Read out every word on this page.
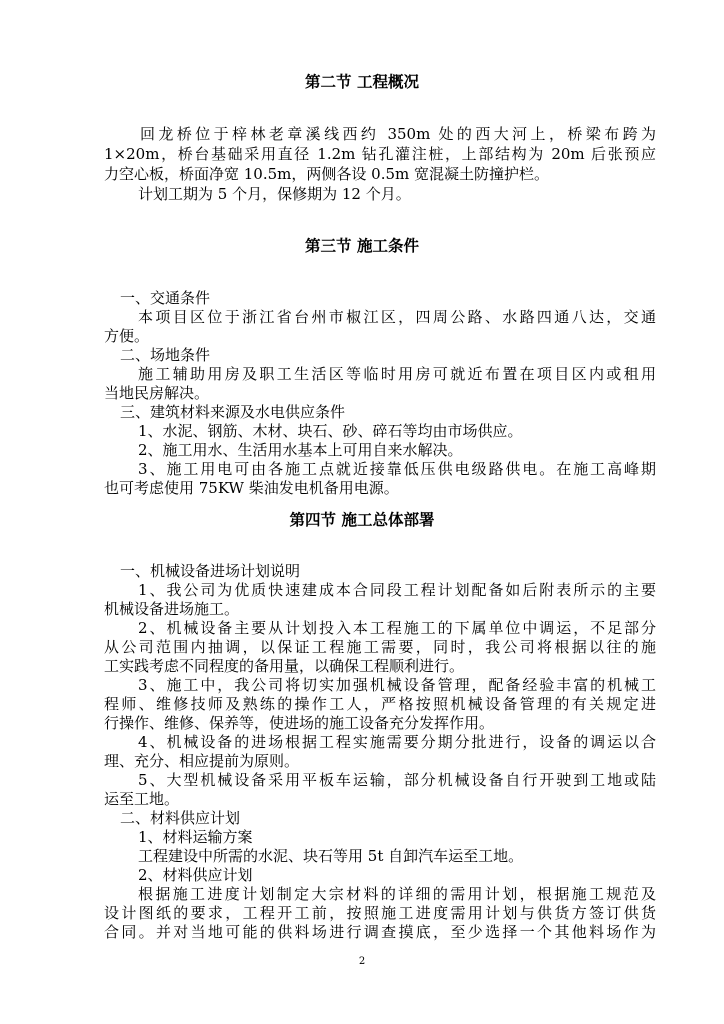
第二节 工程概况
回龙桥位于梓林老章溪线西约 350m 处的西大河上，桥梁布跨为
1×20m，桥台基础采用直径 1.2m 钻孔灌注桩，上部结构为 20m 后张预应
力空心板，桥面净宽 10.5m，两侧各设 0.5m 宽混凝土防撞护栏。
计划工期为 5 个月，保修期为 12 个月。
第三节 施工条件
一、交通条件
本项目区位于浙江省台州市椒江区，四周公路、水路四通八达，交通
方便。
二、场地条件
施工辅助用房及职工生活区等临时用房可就近布置在项目区内或租用
当地民房解决。
三、建筑材料来源及水电供应条件
1、水泥、钢筋、木材、块石、砂、碎石等均由市场供应。
2、施工用水、生活用水基本上可用自来水解决。
3、施工用电可由各施工点就近接靠低压供电级路供电。在施工高峰期
也可考虑使用 75KW 柴油发电机备用电源。
第四节 施工总体部署
一、机械设备进场计划说明
1、我公司为优质快速建成本合同段工程计划配备如后附表所示的主要
机械设备进场施工。
2、机械设备主要从计划投入本工程施工的下属单位中调运，不足部分
从公司范围内抽调，以保证工程施工需要，同时，我公司将根据以往的施
工实践考虑不同程度的备用量，以确保工程顺利进行。
3、施工中，我公司将切实加强机械设备管理，配备经验丰富的机械工
程师、维修技师及熟练的操作工人，严格按照机械设备管理的有关规定进
行操作、维修、保养等，使进场的施工设备充分发挥作用。
4、机械设备的进场根据工程实施需要分期分批进行，设备的调运以合
理、充分、相应提前为原则。
5、大型机械设备采用平板车运输，部分机械设备自行开驶到工地或陆
运至工地。
二、材料供应计划
1、材料运输方案
工程建设中所需的水泥、块石等用 5t 自卸汽车运至工地。
2、材料供应计划
根据施工进度计划制定大宗材料的详细的需用计划，根据施工规范及
设计图纸的要求，工程开工前，按照施工进度需用计划与供货方签订供货
合同。并对当地可能的供料场进行调查摸底，至少选择一个其他料场作为
2
